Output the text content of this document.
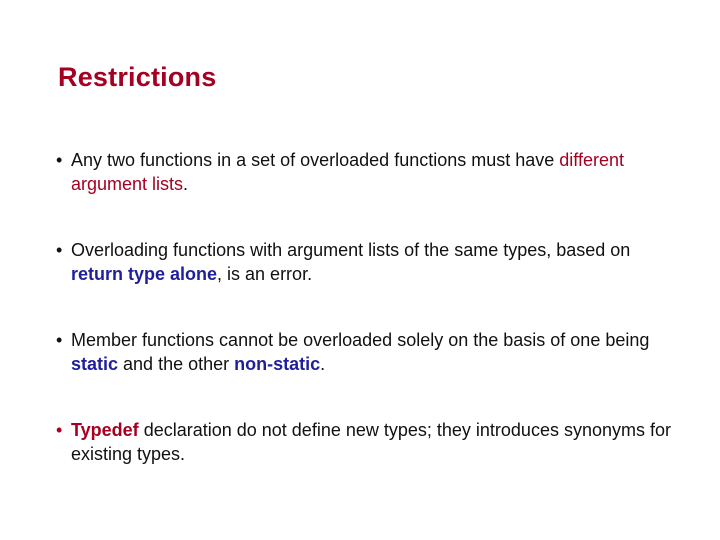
Restrictions
• Any two functions in a set of overloaded functions must have different argument lists.
• Overloading functions with argument lists of the same types, based on return type alone, is an error.
• Member functions cannot be overloaded solely on the basis of one being static and the other non-static.
• Typedef declaration do not define new types; they introduces synonyms for existing types.
